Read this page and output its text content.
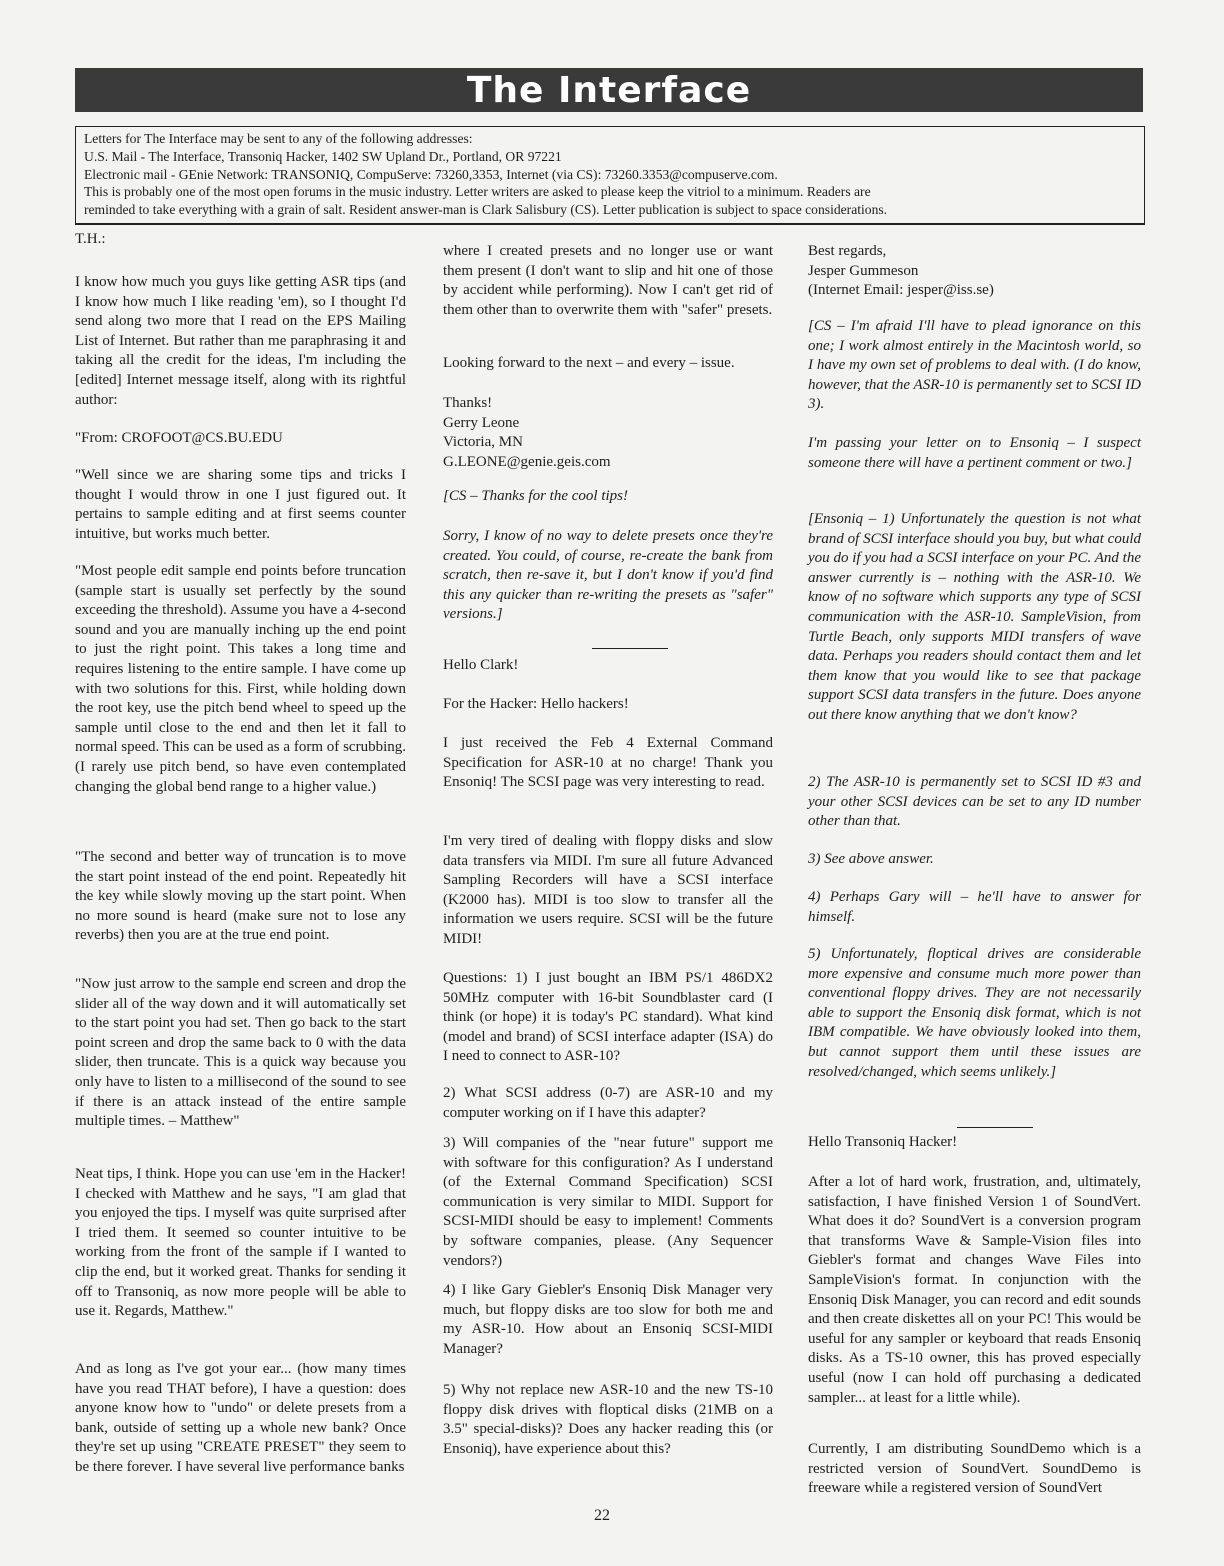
The Interface
Letters for The Interface may be sent to any of the following addresses:
U.S. Mail - The Interface, Transoniq Hacker, 1402 SW Upland Dr., Portland, OR 97221
Electronic mail - GEnie Network: TRANSONIQ, CompuServe: 73260,3353, Internet (via CS): 73260.3353@compuserve.com.
This is probably one of the most open forums in the music industry. Letter writers are asked to please keep the vitriol to a minimum. Readers are
reminded to take everything with a grain of salt. Resident answer-man is Clark Salisbury (CS). Letter publication is subject to space considerations.
T.H.:
I know how much you guys like getting ASR tips (and I know how much I like reading 'em), so I thought I'd send along two more that I read on the EPS Mailing List of Internet. But rather than me paraphrasing it and taking all the credit for the ideas, I'm including the [edited] Internet message itself, along with its rightful author:
"From: CROFOOT@CS.BU.EDU
"Well since we are sharing some tips and tricks I thought I would throw in one I just figured out. It pertains to sample editing and at first seems counter intuitive, but works much better.
"Most people edit sample end points before truncation (sample start is usually set perfectly by the sound exceeding the threshold). Assume you have a 4-second sound and you are manually inching up the end point to just the right point. This takes a long time and requires listening to the entire sample. I have come up with two solutions for this. First, while holding down the root key, use the pitch bend wheel to speed up the sample until close to the end and then let it fall to normal speed. This can be used as a form of scrubbing. (I rarely use pitch bend, so have even contemplated changing the global bend range to a higher value.)
"The second and better way of truncation is to move the start point instead of the end point. Repeatedly hit the key while slowly moving up the start point. When no more sound is heard (make sure not to lose any reverbs) then you are at the true end point.
"Now just arrow to the sample end screen and drop the slider all of the way down and it will automatically set to the start point you had set. Then go back to the start point screen and drop the same back to 0 with the data slider, then truncate. This is a quick way because you only have to listen to a millisecond of the sound to see if there is an attack instead of the entire sample multiple times. – Matthew"
Neat tips, I think. Hope you can use 'em in the Hacker! I checked with Matthew and he says, "I am glad that you enjoyed the tips. I myself was quite surprised after I tried them. It seemed so counter intuitive to be working from the front of the sample if I wanted to clip the end, but it worked great. Thanks for sending it off to Transoniq, as now more people will be able to use it. Regards, Matthew."
And as long as I've got your ear... (how many times have you read THAT before), I have a question: does anyone know how to "undo" or delete presets from a bank, outside of setting up a whole new bank? Once they're set up using "CREATE PRESET" they seem to be there forever. I have several live performance banks
where I created presets and no longer use or want them present (I don't want to slip and hit one of those by accident while performing). Now I can't get rid of them other than to overwrite them with "safer" presets.
Looking forward to the next – and every – issue.
Thanks!
Gerry Leone
Victoria, MN
G.LEONE@genie.geis.com
[CS – Thanks for the cool tips!
Sorry, I know of no way to delete presets once they're created. You could, of course, re-create the bank from scratch, then re-save it, but I don't know if you'd find this any quicker than re-writing the presets as "safer" versions.]
Hello Clark!
For the Hacker: Hello hackers!
I just received the Feb 4 External Command Specification for ASR-10 at no charge! Thank you Ensoniq! The SCSI page was very interesting to read.
I'm very tired of dealing with floppy disks and slow data transfers via MIDI. I'm sure all future Advanced Sampling Recorders will have a SCSI interface (K2000 has). MIDI is too slow to transfer all the information we users require. SCSI will be the future MIDI!
Questions: 1) I just bought an IBM PS/1 486DX2 50MHz computer with 16-bit Soundblaster card (I think (or hope) it is today's PC standard). What kind (model and brand) of SCSI interface adapter (ISA) do I need to connect to ASR-10?
2) What SCSI address (0-7) are ASR-10 and my computer working on if I have this adapter?
3) Will companies of the "near future" support me with software for this configuration? As I understand (of the External Command Specification) SCSI communication is very similar to MIDI. Support for SCSI-MIDI should be easy to implement! Comments by software companies, please. (Any Sequencer vendors?)
4) I like Gary Giebler's Ensoniq Disk Manager very much, but floppy disks are too slow for both me and my ASR-10. How about an Ensoniq SCSI-MIDI Manager?
5) Why not replace new ASR-10 and the new TS-10 floppy disk drives with floptical disks (21MB on a 3.5" special-disks)? Does any hacker reading this (or Ensoniq), have experience about this?
Best regards,
Jesper Gummeson
(Internet Email: jesper@iss.se)
[CS – I'm afraid I'll have to plead ignorance on this one; I work almost entirely in the Macintosh world, so I have my own set of problems to deal with. (I do know, however, that the ASR-10 is permanently set to SCSI ID 3).
I'm passing your letter on to Ensoniq – I suspect someone there will have a pertinent comment or two.]
[Ensoniq – 1) Unfortunately the question is not what brand of SCSI interface should you buy, but what could you do if you had a SCSI interface on your PC. And the answer currently is – nothing with the ASR-10. We know of no software which supports any type of SCSI communication with the ASR-10. SampleVision, from Turtle Beach, only supports MIDI transfers of wave data. Perhaps you readers should contact them and let them know that you would like to see that package support SCSI data transfers in the future. Does anyone out there know anything that we don't know?
2) The ASR-10 is permanently set to SCSI ID #3 and your other SCSI devices can be set to any ID number other than that.
3) See above answer.
4) Perhaps Gary will – he'll have to answer for himself.
5) Unfortunately, floptical drives are considerable more expensive and consume much more power than conventional floppy drives. They are not necessarily able to support the Ensoniq disk format, which is not IBM compatible. We have obviously looked into them, but cannot support them until these issues are resolved/changed, which seems unlikely.]
Hello Transoniq Hacker!
After a lot of hard work, frustration, and, ultimately, satisfaction, I have finished Version 1 of SoundVert. What does it do? SoundVert is a conversion program that transforms Wave & Sample-Vision files into Giebler's format and changes Wave Files into SampleVision's format. In conjunction with the Ensoniq Disk Manager, you can record and edit sounds and then create diskettes all on your PC! This would be useful for any sampler or keyboard that reads Ensoniq disks. As a TS-10 owner, this has proved especially useful (now I can hold off purchasing a dedicated sampler... at least for a little while).
Currently, I am distributing SoundDemo which is a restricted version of SoundVert. SoundDemo is freeware while a registered version of SoundVert
22
